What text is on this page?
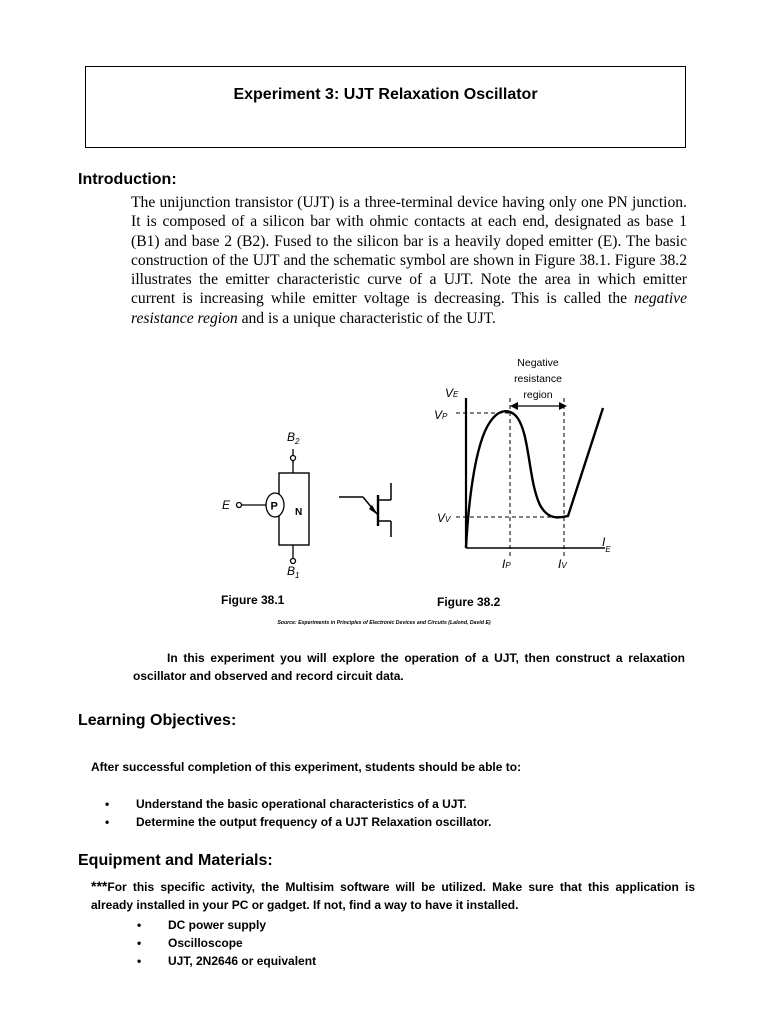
Experiment 3: UJT Relaxation Oscillator
Introduction:
The unijunction transistor (UJT) is a three-terminal device having only one PN junction. It is composed of a silicon bar with ohmic contacts at each end, designated as base 1 (B1) and base 2 (B2). Fused to the silicon bar is a heavily doped emitter (E). The basic construction of the UJT and the schematic symbol are shown in Figure 38.1. Figure 38.2 illustrates the emitter characteristic curve of a UJT. Note the area in which emitter current is increasing while emitter voltage is decreasing. This is called the negative resistance region and is a unique characteristic of the UJT.
$B_2$
$B_1$
E	P N
Figure 38.1
Negative
resistance
region
VE
VP
VV
$I_E$
IP	IV
Figure 38.2
Source: Experiments in Principles of Electronic Devices and Circuits (Lalond, David E)
In this experiment you will explore the operation of a UJT, then construct a relaxation oscillator and observed and record circuit data.
Learning Objectives:
After successful completion of this experiment, students should be able to:
• Understand the basic operational characteristics of a UJT.
• Determine the output frequency of a UJT Relaxation oscillator.
Equipment and Materials:
***For this specific activity, the Multisim software will be utilized. Make sure that this application is already installed in your PC or gadget. If not, find a way to have it installed.
• DC power supply
• Oscilloscope
• UJT, 2N2646 or equivalent
